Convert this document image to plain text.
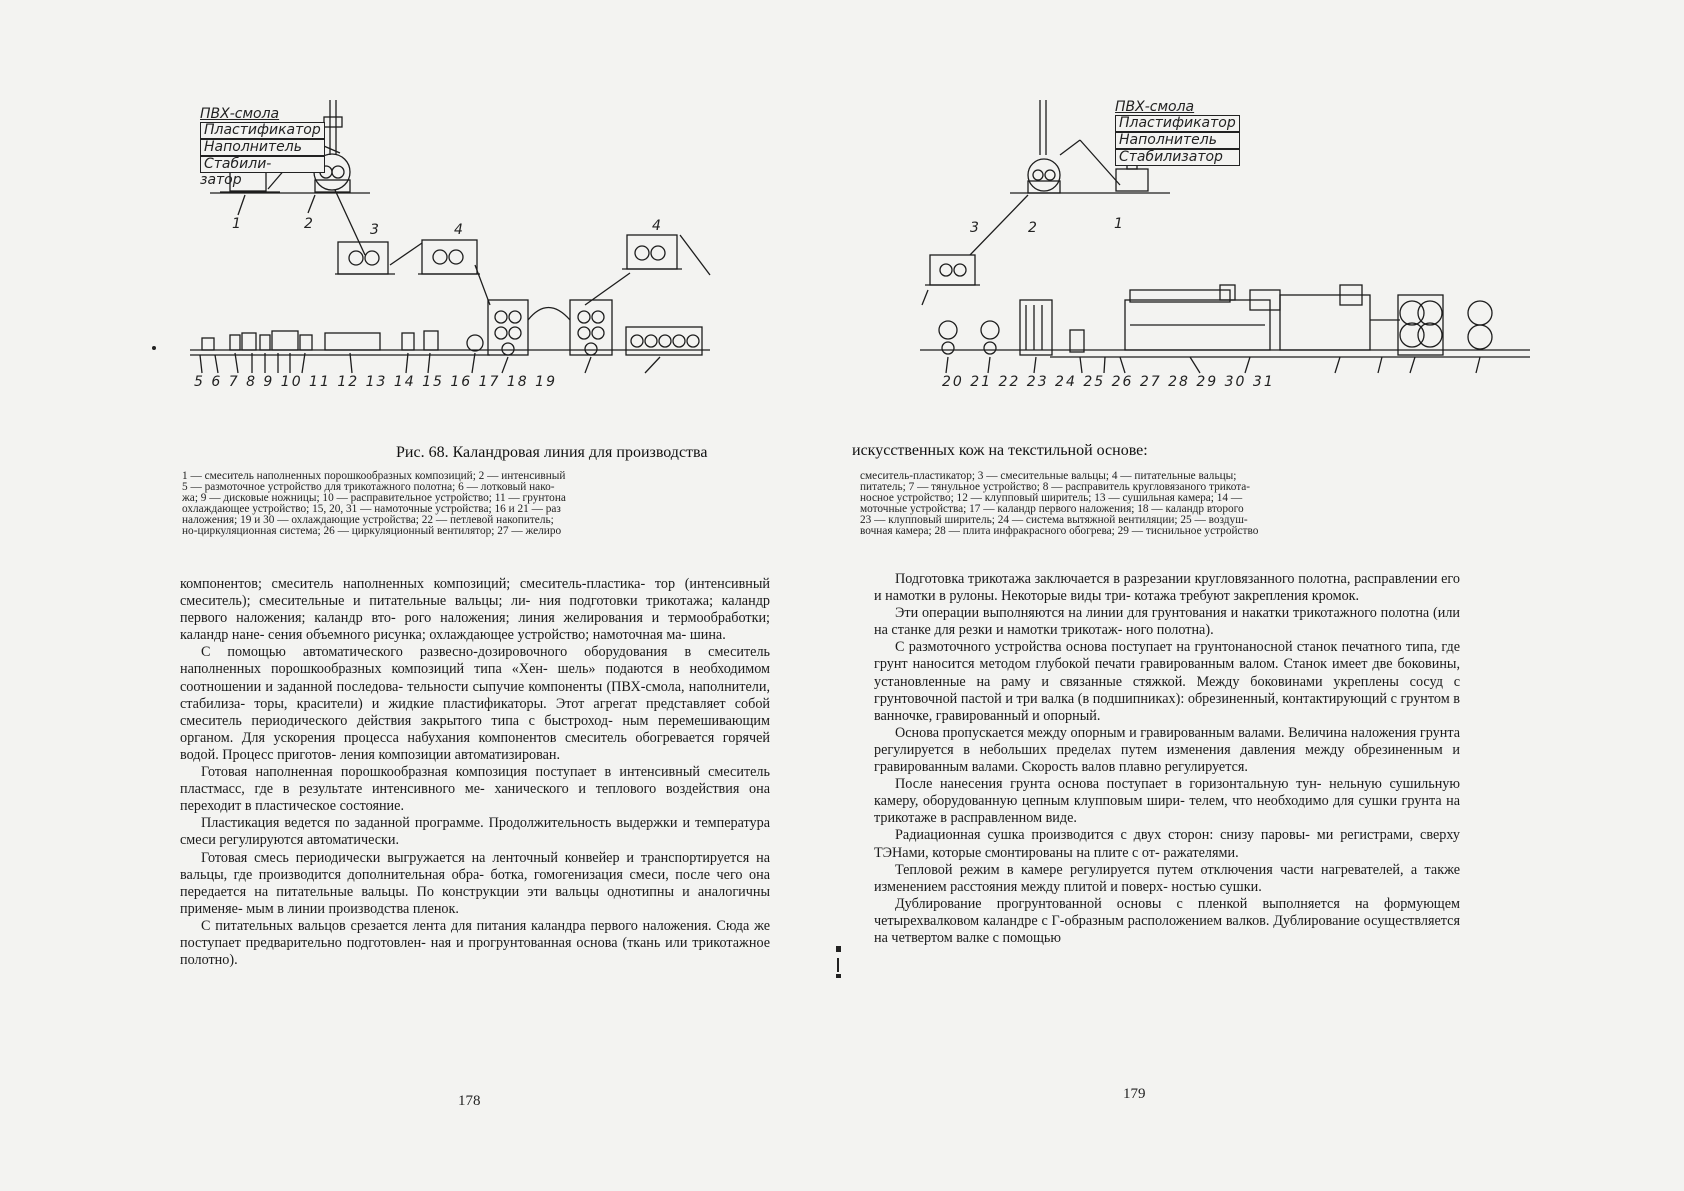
ПВХ-смола
Пластификатор
Наполнитель
Стабили-
затор
1	2	3	4	4
5 6 7 8 9 10 11 12 13 14 15 16 17 18 19
Рис. 68. Каландровая линия для производства

1 — смеситель наполненных порошкообразных композиций; 2 — интенсивный

5 — размоточное устройство для трикотажного полотна; 6 — лотковый нако-

жа; 9 — дисковые ножницы; 10 — расправительное устройство; 11 — грунтона

охлаждающее устройство; 15, 20, 31 — намоточные устройства; 16 и 21 — раз

наложения; 19 и 30 — охлаждающие устройства; 22 — петлевой накопитель;

но-циркуляционная система; 26 — циркуляционный вентилятор; 27 — желиро

компонентов; смеситель наполненных композиций; смеситель-пластика- тор (интенсивный смеситель); смесительные и питательные вальцы; ли- ния подготовки трикотажа; каландр первого наложения; каландр вто- рого наложения; линия желирования и термообработки; каландр нане- сения объемного рисунка; охлаждающее устройство; намоточная ма- шина.

С помощью автоматического развесно-дозировочного оборудования в смеситель наполненных порошкообразных композиций типа «Хен- шель» подаются в необходимом соотношении и заданной последова- тельности сыпучие компоненты (ПВХ-смола, наполнители, стабилиза- торы, красители) и жидкие пластификаторы. Этот агрегат представляет собой смеситель периодического действия закрытого типа с быстроход- ным перемешивающим органом. Для ускорения процесса набухания компонентов смеситель обогревается горячей водой. Процесс приготов- ления композиции автоматизирован.

Готовая наполненная порошкообразная композиция поступает в интенсивный смеситель пластмасс, где в результате интенсивного ме- ханического и теплового воздействия она переходит в пластическое состояние.

Пластикация ведется по заданной программе. Продолжительность выдержки и температура смеси регулируются автоматически.

Готовая смесь периодически выгружается на ленточный конвейер и транспортируется на вальцы, где производится дополнительная обра- ботка, гомогенизация смеси, после чего она передается на питательные вальцы. По конструкции эти вальцы однотипны и аналогичны применяе- мым в линии производства пленок.

С питательных вальцов срезается лента для питания каландра первого наложения. Сюда же поступает предварительно подготовлен- ная и прогрунтованная основа (ткань или трикотажное полотно).

178
ПВХ-смола
Пластификатор
Наполнитель
Стабилизатор
3	2	1
20 21 22 23 24 25 26 27 28 29 30 31
искусственных кож на текстильной основе:

смеситель-пластикатор; 3 — смесительные вальцы; 4 — питательные вальцы;

питатель; 7 — тянульное устройство; 8 — расправитель кругловязаного трикота-

носное устройство; 12 — клупповый ширитель; 13 — сушильная камера; 14 —

моточные устройства; 17 — каландр первого наложения; 18 — каландр второго

23 — клупповый ширитель; 24 — система вытяжной вентиляции; 25 — воздуш-

вочная камера; 28 — плита инфракрасного обогрева; 29 — тиснильное устройство

Подготовка трикотажа заключается в разрезании кругловязанного полотна, расправлении его и намотки в рулоны. Некоторые виды три- котажа требуют закрепления кромок.

Эти операции выполняются на линии для грунтования и накатки трикотажного полотна (или на станке для резки и намотки трикотаж- ного полотна).

С размоточного устройства основа поступает на грунтонаносной станок печатного типа, где грунт наносится методом глубокой печати гравированным валом. Станок имеет две боковины, установленные на раму и связанные стяжкой. Между боковинами укреплены сосуд с грунтовочной пастой и три валка (в подшипниках): обрезиненный, контактирующий с грунтом в ванночке, гравированный и опорный.

Основа пропускается между опорным и гравированным валами. Величина наложения грунта регулируется в небольших пределах путем изменения давления между обрезиненным и гравированным валами. Скорость валов плавно регулируется.

После нанесения грунта основа поступает в горизонтальную тун- нельную сушильную камеру, оборудованную цепным клупповым шири- телем, что необходимо для сушки грунта на трикотаже в расправленном виде.

Радиационная сушка производится с двух сторон: снизу паровы- ми регистрами, сверху ТЭНами, которые смонтированы на плите с от- ражателями.

Тепловой режим в камере регулируется путем отключения части нагревателей, а также изменением расстояния между плитой и поверх- ностью сушки.

Дублирование прогрунтованной основы с пленкой выполняется на формующем четырехвалковом каландре с Г-образным расположением валков. Дублирование осуществляется на четвертом валке с помощью

179
